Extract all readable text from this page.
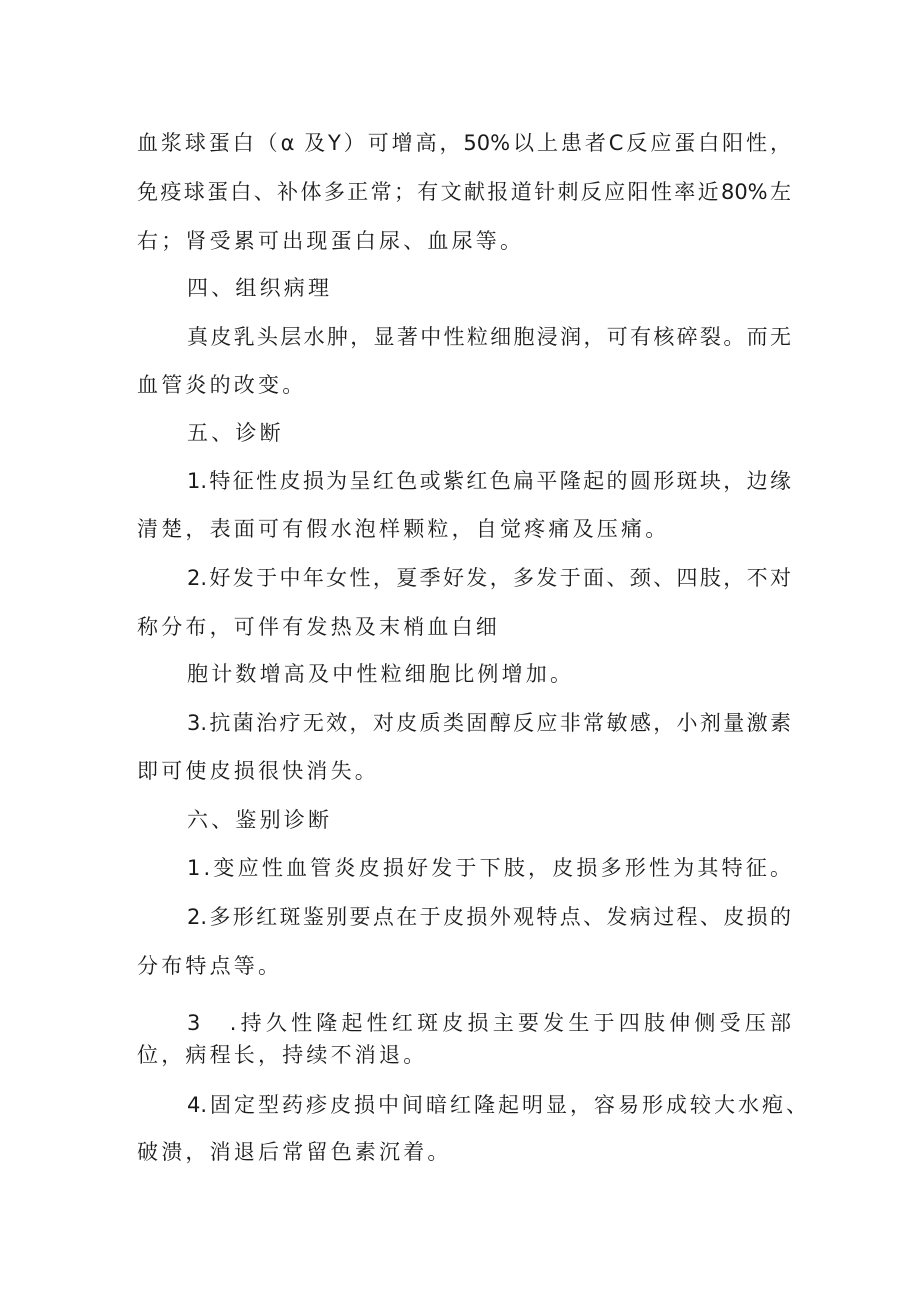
血浆球蛋白（α 及Y）可增高，50%以上患者C反应蛋白阳性，
免疫球蛋白、补体多正常；有文献报道针刺反应阳性率近80%左
右；肾受累可出现蛋白尿、血尿等。
四、组织病理
真皮乳头层水肿，显著中性粒细胞浸润，可有核碎裂。而无
血管炎的改变。
五、诊断
1.特征性皮损为呈红色或紫红色扁平隆起的圆形斑块，边缘
清楚，表面可有假水泡样颗粒，自觉疼痛及压痛。
2.好发于中年女性，夏季好发，多发于面、颈、四肢，不对
称分布，可伴有发热及末梢血白细
胞计数增高及中性粒细胞比例增加。
3.抗菌治疗无效，对皮质类固醇反应非常敏感，小剂量激素
即可使皮损很快消失。
六、鉴别诊断
1.变应性血管炎皮损好发于下肢，皮损多形性为其特征。
2.多形红斑鉴别要点在于皮损外观特点、发病过程、皮损的
分布特点等。
3　.持久性隆起性红斑皮损主要发生于四肢伸侧受压部
位，病程长，持续不消退。
4.固定型药疹皮损中间暗红隆起明显，容易形成较大水疱、
破溃，消退后常留色素沉着。
